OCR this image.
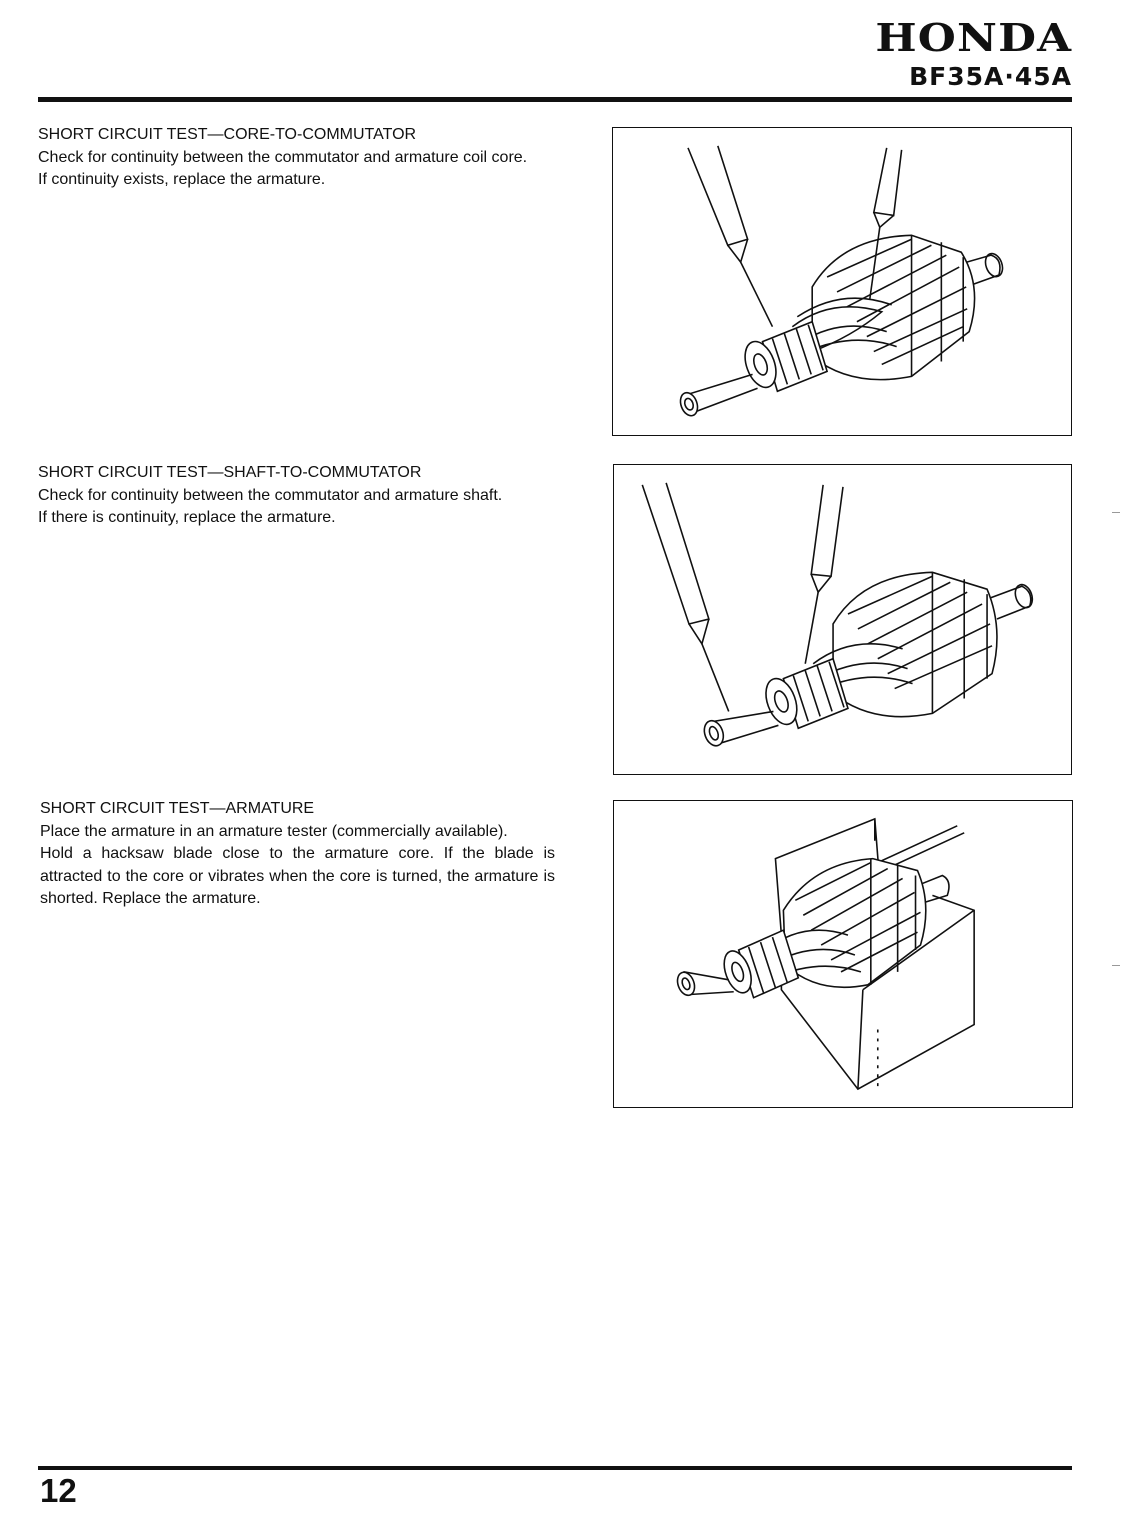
HONDA
BF35A·45A

SHORT CIRCUIT TEST—CORE-TO-COMMUTATOR

Check for continuity between the commutator and armature coil core.

If continuity exists, replace the armature.

SHORT CIRCUIT TEST—SHAFT-TO-COMMUTATOR

Check for continuity between the commutator and armature shaft.

If there is continuity, replace the armature.

SHORT CIRCUIT TEST—ARMATURE

Place the armature in an armature tester (commercially available).

Hold a hacksaw blade close to the armature core. If the blade is attracted to the core or vibrates when the core is turned, the armature is shorted. Replace the armature.

12
